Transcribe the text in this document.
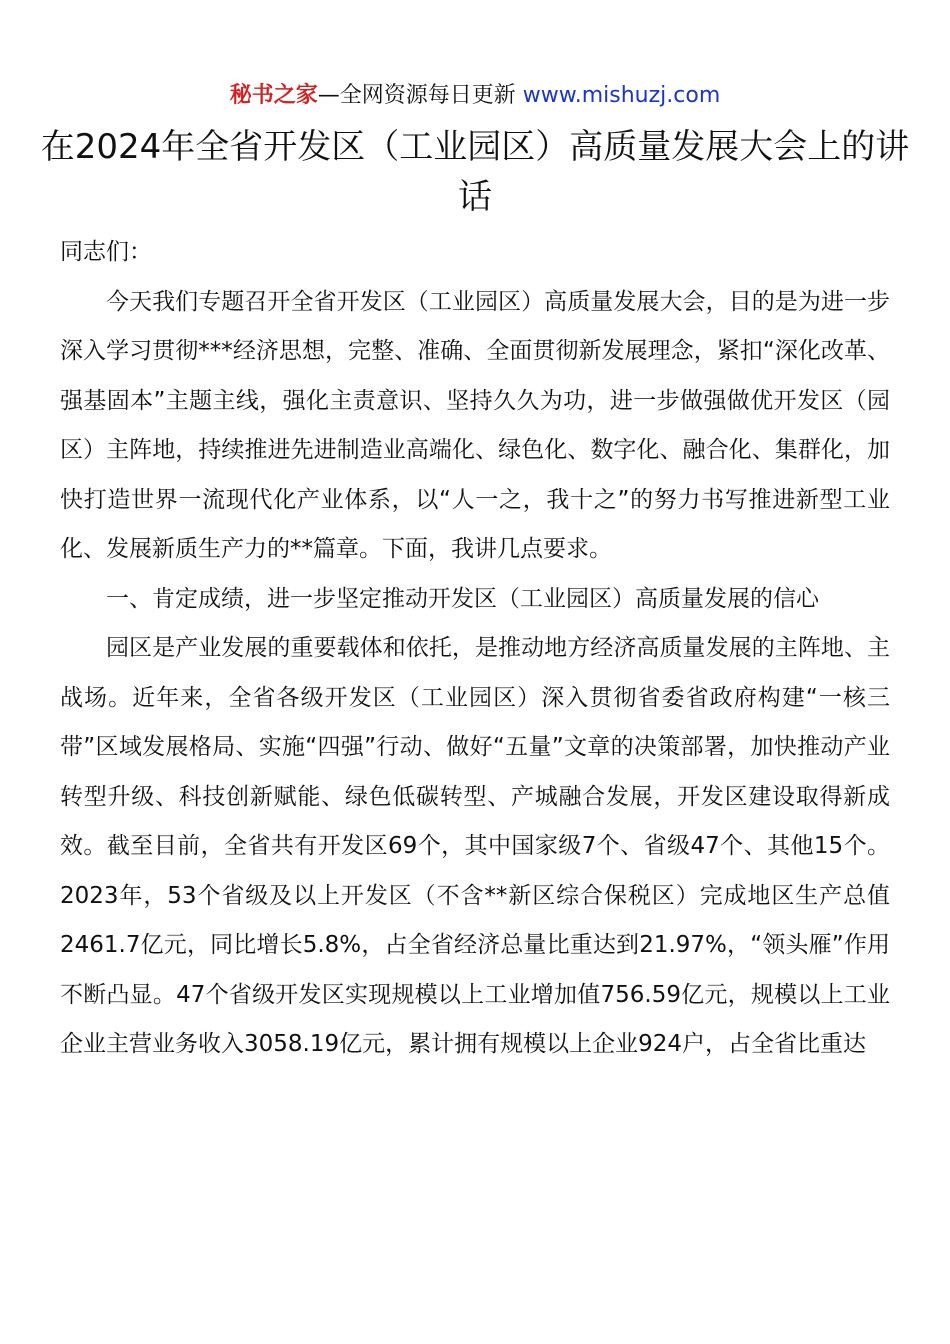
秘书之家—全网资源每日更新 www.mishuzj.com
在2024年全省开发区（工业园区）高质量发展大会上的讲话

同志们：

今天我们专题召开全省开发区（工业园区）高质量发展大会，目的是为进一步深入学习贯彻***经济思想，完整、准确、全面贯彻新发展理念，紧扣“深化改革、强基固本”主题主线，强化主责意识、坚持久久为功，进一步做强做优开发区（园区）主阵地，持续推进先进制造业高端化、绿色化、数字化、融合化、集群化，加快打造世界一流现代化产业体系，以“人一之，我十之”的努力书写推进新型工业化、发展新质生产力的**篇章。下面，我讲几点要求。

一、肯定成绩，进一步坚定推动开发区（工业园区）高质量发展的信心

园区是产业发展的重要载体和依托，是推动地方经济高质量发展的主阵地、主战场。近年来，全省各级开发区（工业园区）深入贯彻省委省政府构建“一核三带”区域发展格局、实施“四强”行动、做好“五量”文章的决策部署，加快推动产业转型升级、科技创新赋能、绿色低碳转型、产城融合发展，开发区建设取得新成效。截至目前，全省共有开发区69个，其中国家级7个、省级47个、其他15个。2023年，53个省级及以上开发区（不含**新区综合保税区）完成地区生产总值2461.7亿元，同比增长5.8%，占全省经济总量比重达到21.97%，“领头雁”作用不断凸显。47个省级开发区实现规模以上工业增加值756.59亿元，规模以上工业企业主营业务收入3058.19亿元，累计拥有规模以上企业924户，占全省比重达
